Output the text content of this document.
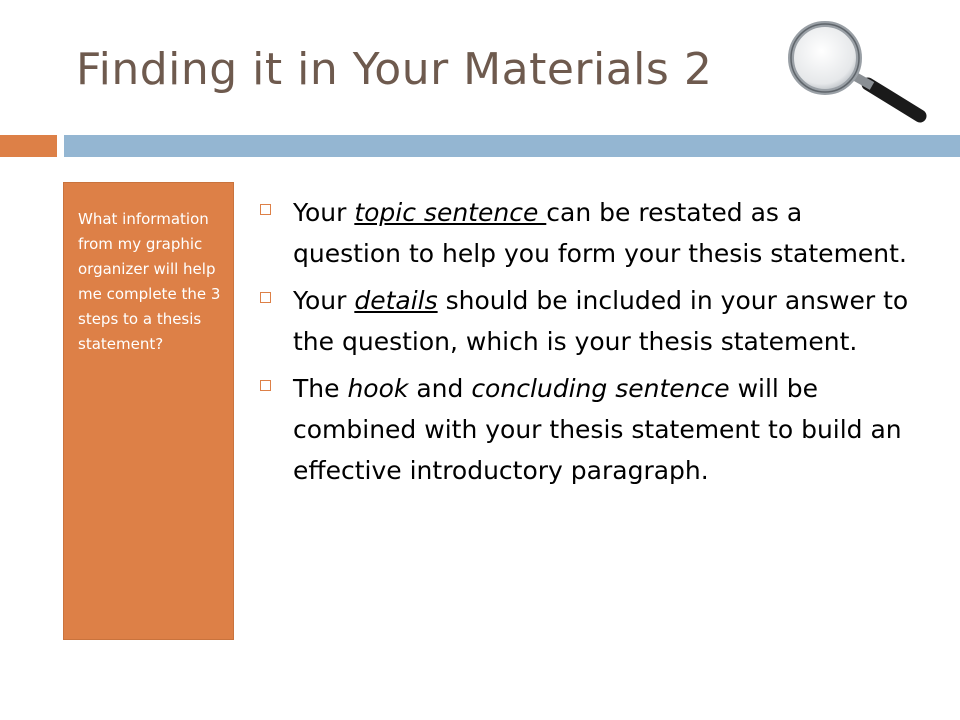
Finding it in Your Materials 2
What information from my graphic organizer will help me complete the 3 steps to a thesis statement?
Your topic sentence can be restated as a question to help you form your thesis statement.
Your details should be included in your answer to the question, which is your thesis statement.
The hook and concluding sentence will be combined with your thesis statement to build an effective introductory paragraph.
